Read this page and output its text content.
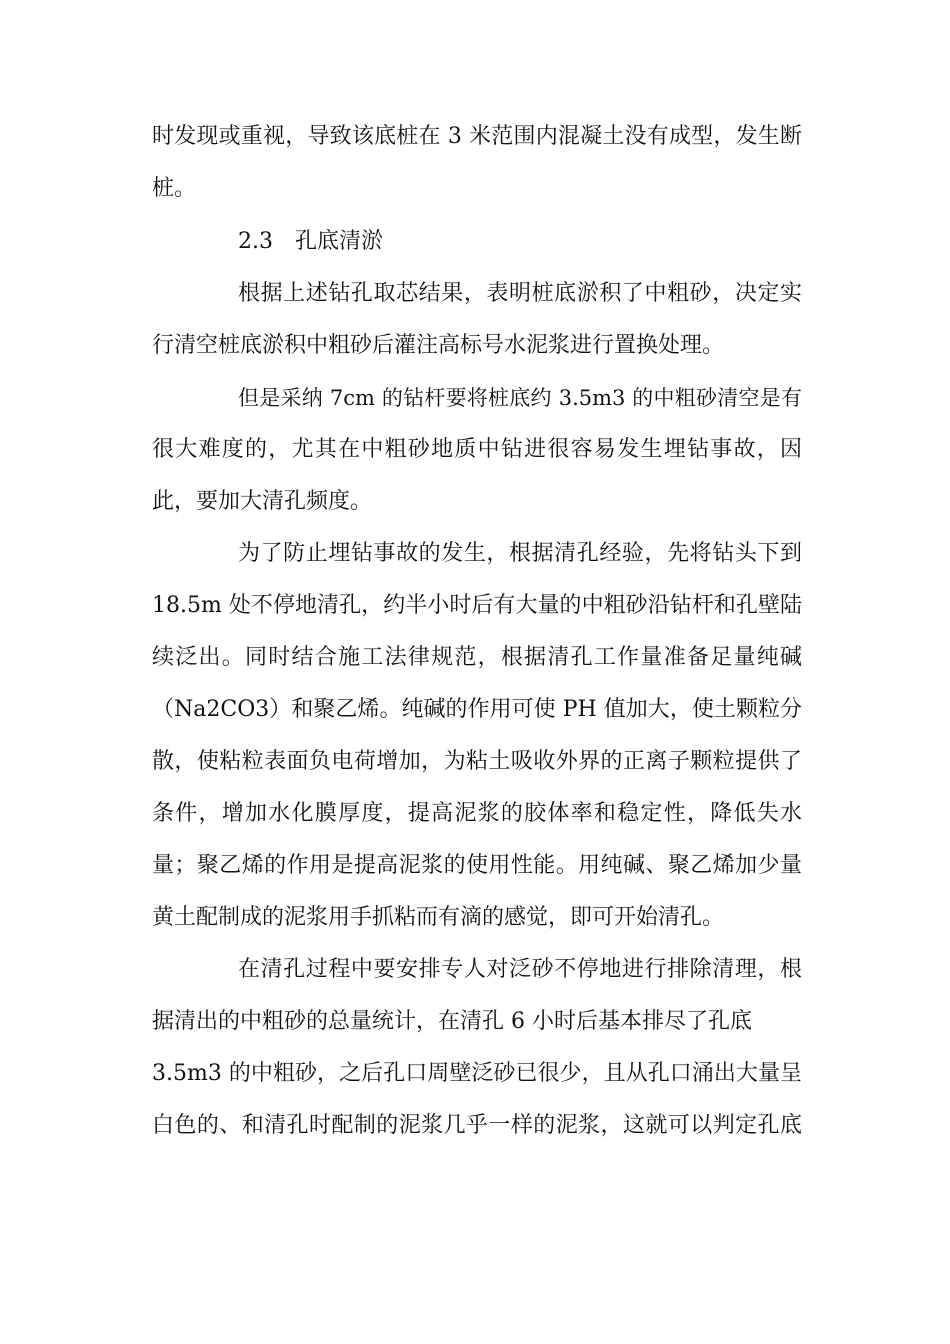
时发现或重视，导致该底桩在 3 米范围内混凝土没有成型，发生断
桩。
2.3　孔底清淤
根据上述钻孔取芯结果，表明桩底淤积了中粗砂，决定实
行清空桩底淤积中粗砂后灌注高标号水泥浆进行置换处理。
但是采纳 7cm 的钻杆要将桩底约 3.5m3 的中粗砂清空是有
很大难度的，尤其在中粗砂地质中钻进很容易发生埋钻事故，因
此，要加大清孔频度。
为了防止埋钻事故的发生，根据清孔经验，先将钻头下到
18.5m 处不停地清孔，约半小时后有大量的中粗砂沿钻杆和孔壁陆
续泛出。同时结合施工法律规范，根据清孔工作量准备足量纯碱
（Na2CO3）和聚乙烯。纯碱的作用可使 PH 值加大，使土颗粒分
散，使粘粒表面负电荷增加，为粘土吸收外界的正离子颗粒提供了
条件，增加水化膜厚度，提高泥浆的胶体率和稳定性，降低失水
量；聚乙烯的作用是提高泥浆的使用性能。用纯碱、聚乙烯加少量
黄土配制成的泥浆用手抓粘而有滴的感觉，即可开始清孔。
在清孔过程中要安排专人对泛砂不停地进行排除清理，根
据清出的中粗砂的总量统计，在清孔 6 小时后基本排尽了孔底
3.5m3 的中粗砂，之后孔口周壁泛砂已很少，且从孔口涌出大量呈
白色的、和清孔时配制的泥浆几乎一样的泥浆，这就可以判定孔底
